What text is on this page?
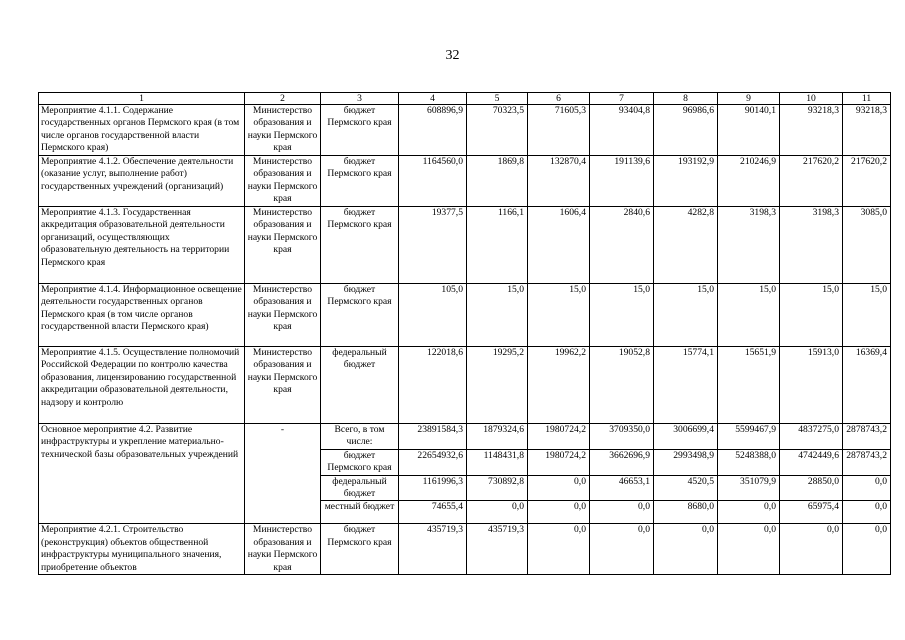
32
1	2	3	4	5	6	7	8	9	10	11
Мероприятие 4.1.1. Содержание государственных органов Пермского края (в том числе органов государственной власти Пермского края)	Министерство образования и науки Пермского края	бюджет Пермского края	608896,9	70323,5	71605,3	93404,8	96986,6	90140,1	93218,3	93218,3
Мероприятие 4.1.2. Обеспечение деятельности (оказание услуг, выполнение работ) государственных учреждений (организаций)	Министерство образования и науки Пермского края	бюджет Пермского края	1164560,0	1869,8	132870,4	191139,6	193192,9	210246,9	217620,2	217620,2
Мероприятие 4.1.3. Государственная аккредитация образовательной деятельности организаций, осуществляющих образовательную деятельность на территории Пермского края	Министерство образования и науки Пермского края	бюджет Пермского края	19377,5	1166,1	1606,4	2840,6	4282,8	3198,3	3198,3	3085,0
Мероприятие 4.1.4. Информационное освещение деятельности государственных органов Пермского края (в том числе органов государственной власти Пермского края)	Министерство образования и науки Пермского края	бюджет Пермского края	105,0	15,0	15,0	15,0	15,0	15,0	15,0	15,0
Мероприятие 4.1.5. Осуществление полномочий Российской Федерации по контролю качества образования, лицензированию государственной аккредитации образовательной деятельности, надзору и контролю	Министерство образования и науки Пермского края	федеральный бюджет	122018,6	19295,2	19962,2	19052,8	15774,1	15651,9	15913,0	16369,4
Основное мероприятие 4.2. Развитие инфраструктуры и укрепление материально-технической базы образовательных учреждений	-	Всего, в том числе:	23891584,3	1879324,6	1980724,2	3709350,0	3006699,4	5599467,9	4837275,0	2878743,2
		бюджет Пермского края	22654932,6	1148431,8	1980724,2	3662696,9	2993498,9	5248388,0	4742449,6	2878743,2
		федеральный бюджет	1161996,3	730892,8	0,0	46653,1	4520,5	351079,9	28850,0	0,0
		местный бюджет	74655,4	0,0	0,0	0,0	8680,0	0,0	65975,4	0,0
Мероприятие 4.2.1. Строительство (реконструкция) объектов общественной инфраструктуры муниципального значения, приобретение объектов	Министерство образования и науки Пермского края	бюджет Пермского края	435719,3	435719,3	0,0	0,0	0,0	0,0	0,0	0,0
